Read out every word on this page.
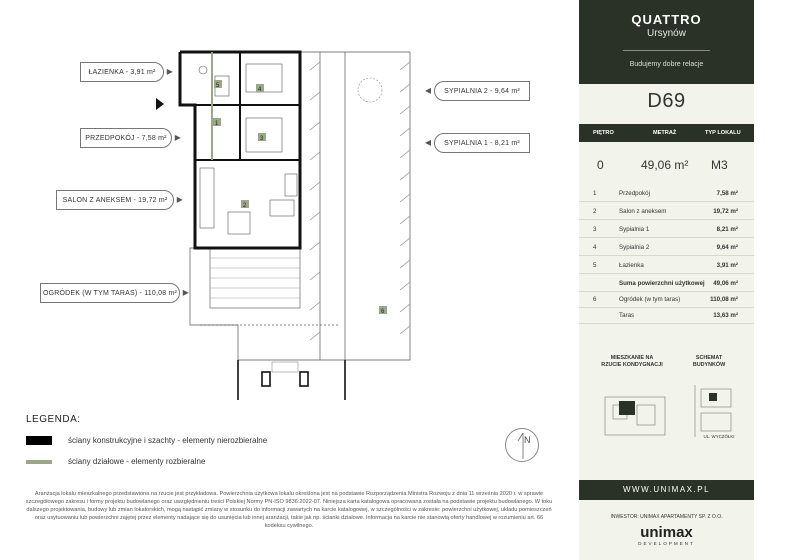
1
2
3
4
5
6
ŁAZIENKA - 3,91 m² ▸
PRZEDPOKÓJ - 7,58 m² ▸
SALON Z ANEKSEM - 19,72 m² ▸
OGRÓDEK (W TYM TARAS) - 110,08 m² ▸
SYPIALNIA 2 - 9,64 m²
◂
SYPIALNIA 1 - 8,21 m²
◂
LEGENDA:
ściany konstrukcyjne i szachty - elementy nierozbieralne
ściany działowe - elementy rozbieralne
N
Aranżacja lokalu mieszkalnego przedstawiona na rzucie jest przykładowa. Powierzchnia użytkowa lokalu określona jest na podstawie Rozporządzenia Ministra Rozwoju z dnia 11 września 2020 r. w sprawie szczegółowego zakresu i formy projektu budowlanego oraz uwzględnieniu treści Polskiej Normy PN-ISO 9836:2022-07. Niniejsza karta katalogowa opracowana została na podstawie projektu budowlanego. W toku dalszego projektowania, budowy lub zmian lokatorskich, mogą nastąpić zmiany w stosunku do informacji zawartych na karcie katalogowej, w szczególności w zakresie: powierzchni użytkowej, układu pomieszczeń oraz usytuowaniu lub powierzchni zajętej przez elementy nadające się do usunięcia lub innej aranżacji, takie jak np. ścianki działowe. Informacja na karcie nie stanowią oferty handlowej w rozumieniu art. 66 kodeksu cywilnego.
QUATTRO
Ursynów
Budujemy dobre relacje
D69
PIĘTRO	METRAŻ	TYP LOKALU
0	49,06 m² M3
1	Przedpokój	7,58 m²
2	Salon z aneksem	19,72 m²
3	Sypialnia 1	8,21 m²
4	Sypialnia 2	9,64 m²
5	Łazienka	3,91 m²
Suma powierzchni użytkowej 49,06 m²
6	Ogródek (w tym taras)	110,08 m²
Taras	13,63 m²
MIESZKANIE NA
RZUCIE KONDYGNACJI
SCHEMAT
BUDYNKÓW
UL. WYCZÓŁKI
WWW.UNIMAX.PL
INWESTOR: UNIMAX APARTAMENTY SP. Z O.O.
unimax
DEVELOPMENT
